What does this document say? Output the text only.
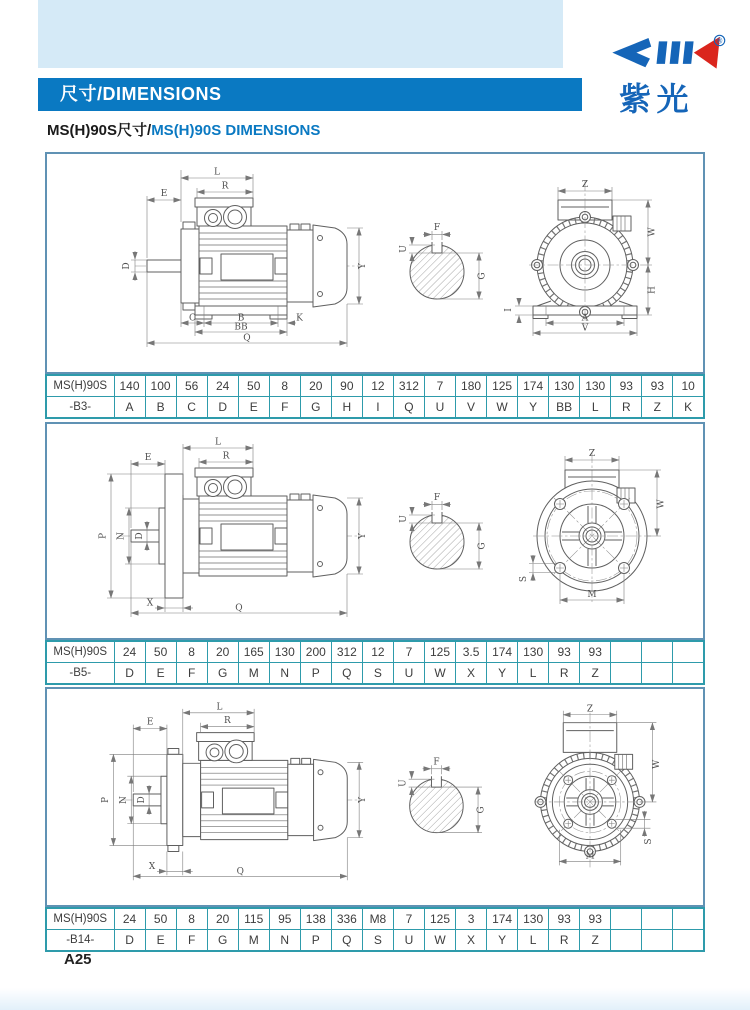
尺寸/DIMENSIONS
®
紫光
MS(H)90S尺寸/MS(H)90S DIMENSIONS
E
L
R
D	Y
C	B	K
BB
Q
F
U
G
Z
W
H
A
V
I
MS(H)90S	140	100	56	24	50	8	20	90	12	312	7	180	125	174	130	130	93	93	10
-B3-	A	B	C	D	E	F	G	H	I	Q	U	V	W	Y	BB	L	R	Z	K
E
L
R
P N D
X	Q
Y
F
U
G
Z
W
S
M
MS(H)90S	24	50	8	20	165	130	200	312	12	7	125	3.5	174	130	93	93			
-B5-	D	E	F	G	M	N	P	Q	S	U	W	X	Y	L	R	Z			
E
L
R
P N D
X	Q
Y
F
U
G
Z
W
S
M
MS(H)90S	24	50	8	20	115	95	138	336	M8	7	125	3	174	130	93	93			
-B14-	D	E	F	G	M	N	P	Q	S	U	W	X	Y	L	R	Z			
A25
